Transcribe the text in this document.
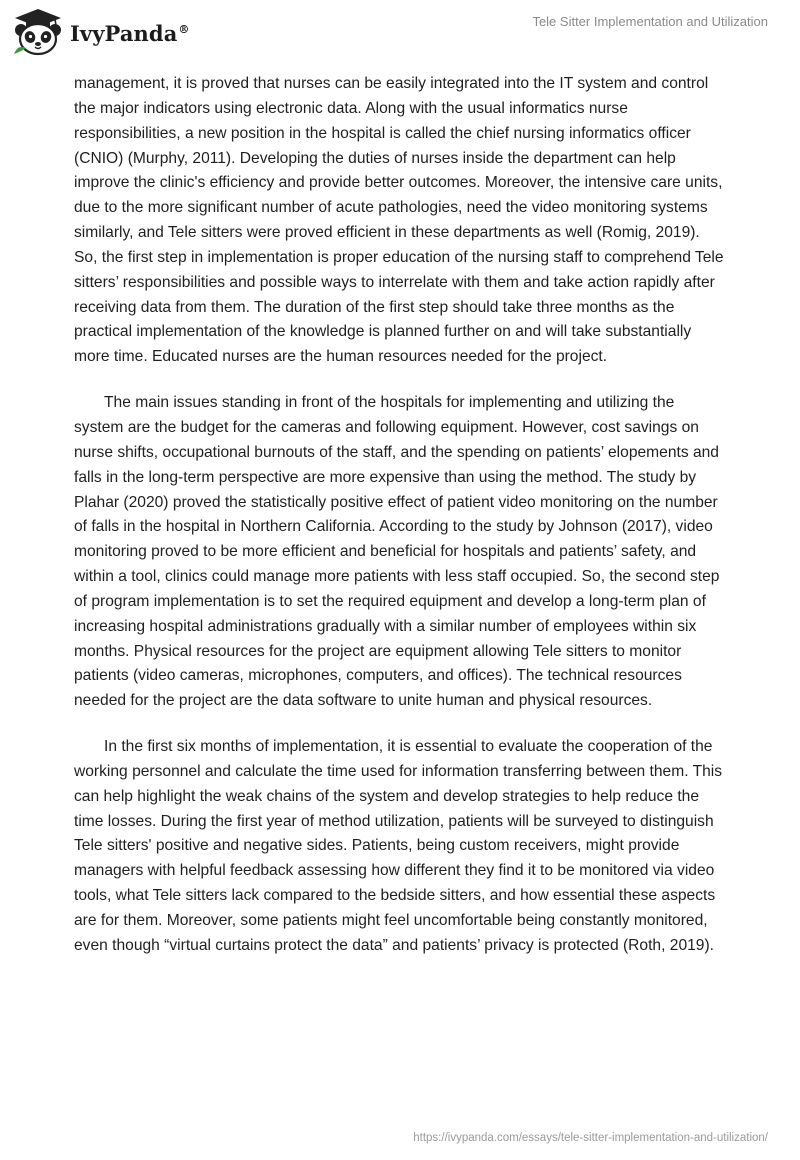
IvyPanda®	Tele Sitter Implementation and Utilization

management, it is proved that nurses can be easily integrated into the IT system and control the major indicators using electronic data. Along with the usual informatics nurse responsibilities, a new position in the hospital is called the chief nursing informatics officer (CNIO) (Murphy, 2011). Developing the duties of nurses inside the department can help improve the clinic's efficiency and provide better outcomes. Moreover, the intensive care units, due to the more significant number of acute pathologies, need the video monitoring systems similarly, and Tele sitters were proved efficient in these departments as well (Romig, 2019). So, the first step in implementation is proper education of the nursing staff to comprehend Tele sitters’ responsibilities and possible ways to interrelate with them and take action rapidly after receiving data from them. The duration of the first step should take three months as the practical implementation of the knowledge is planned further on and will take substantially more time. Educated nurses are the human resources needed for the project.

The main issues standing in front of the hospitals for implementing and utilizing the system are the budget for the cameras and following equipment. However, cost savings on nurse shifts, occupational burnouts of the staff, and the spending on patients’ elopements and falls in the long-term perspective are more expensive than using the method. The study by Plahar (2020) proved the statistically positive effect of patient video monitoring on the number of falls in the hospital in Northern California. According to the study by Johnson (2017), video monitoring proved to be more efficient and beneficial for hospitals and patients’ safety, and within a tool, clinics could manage more patients with less staff occupied. So, the second step of program implementation is to set the required equipment and develop a long-term plan of increasing hospital administrations gradually with a similar number of employees within six months. Physical resources for the project are equipment allowing Tele sitters to monitor patients (video cameras, microphones, computers, and offices). The technical resources needed for the project are the data software to unite human and physical resources.

In the first six months of implementation, it is essential to evaluate the cooperation of the working personnel and calculate the time used for information transferring between them. This can help highlight the weak chains of the system and develop strategies to help reduce the time losses. During the first year of method utilization, patients will be surveyed to distinguish Tele sitters' positive and negative sides. Patients, being custom receivers, might provide managers with helpful feedback assessing how different they find it to be monitored via video tools, what Tele sitters lack compared to the bedside sitters, and how essential these aspects are for them. Moreover, some patients might feel uncomfortable being constantly monitored, even though “virtual curtains protect the data” and patients’ privacy is protected (Roth, 2019).

https://ivypanda.com/essays/tele-sitter-implementation-and-utilization/
